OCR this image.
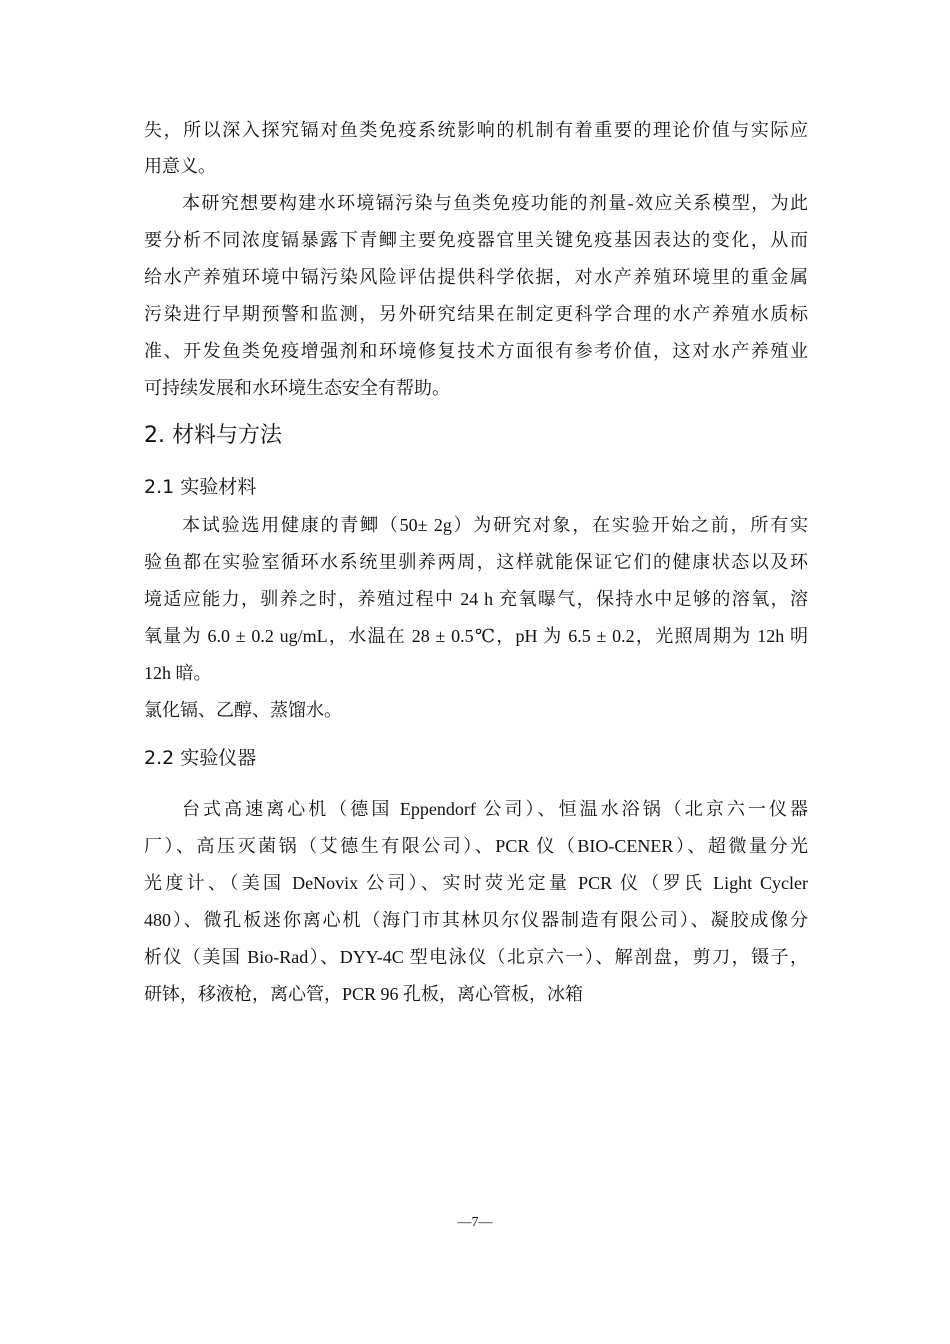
失，所以深入探究镉对鱼类免疫系统影响的机制有着重要的理论价值与实际应
用意义。
本研究想要构建水环境镉污染与鱼类免疫功能的剂量-效应关系模型，为此
要分析不同浓度镉暴露下青鲫主要免疫器官里关键免疫基因表达的变化，从而
给水产养殖环境中镉污染风险评估提供科学依据，对水产养殖环境里的重金属
污染进行早期预警和监测，另外研究结果在制定更科学合理的水产养殖水质标
准、开发鱼类免疫增强剂和环境修复技术方面很有参考价值，这对水产养殖业
可持续发展和水环境生态安全有帮助。
2. 材料与方法
2.1 实验材料
本试验选用健康的青鲫（50± 2g）为研究对象，在实验开始之前，所有实
验鱼都在实验室循环水系统里驯养两周，这样就能保证它们的健康状态以及环
境适应能力，驯养之时，养殖过程中 24 h 充氧曝气，保持水中足够的溶氧，溶
氧量为 6.0 ± 0.2 ug/mL，水温在 28 ± 0.5℃，pH 为 6.5 ± 0.2，光照周期为 12h 明
12h 暗。
氯化镉、乙醇、蒸馏水。
2.2 实验仪器
台式高速离心机（德国 Eppendorf 公司）、恒温水浴锅（北京六一仪器
厂）、高压灭菌锅（艾德生有限公司）、PCR 仪（BIO-CENER）、超微量分光
光度计、（美国 DeNovix 公司）、实时荧光定量 PCR 仪（罗氏 Light Cycler
480）、微孔板迷你离心机（海门市其林贝尔仪器制造有限公司）、凝胶成像分
析仪（美国 Bio-Rad）、DYY-4C 型电泳仪（北京六一）、解剖盘，剪刀，镊子，
研钵，移液枪，离心管，PCR 96 孔板，离心管板，冰箱
—7—
